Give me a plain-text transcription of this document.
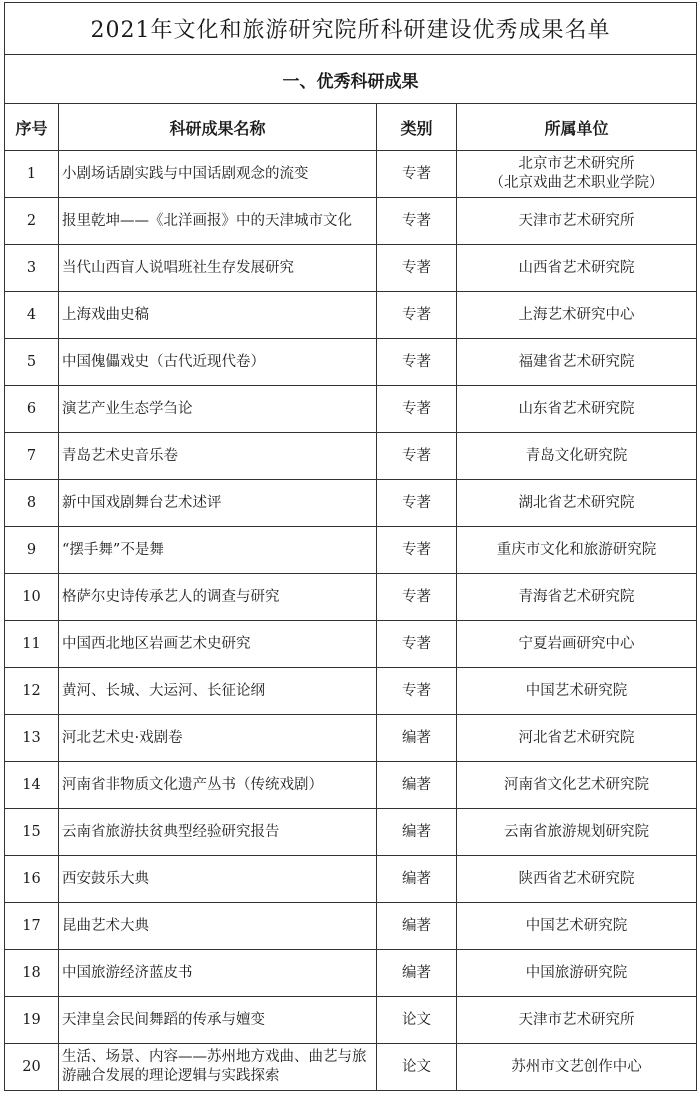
2021年文化和旅游研究院所科研建设优秀成果名单			
一、优秀科研成果			
序号	科研成果名称	类别	所属单位
1	小剧场话剧实践与中国话剧观念的流变	专著	北京市艺术研究所
（北京戏曲艺术职业学院）
2	报里乾坤——《北洋画报》中的天津城市文化	专著	天津市艺术研究所
3	当代山西盲人说唱班社生存发展研究	专著	山西省艺术研究院
4	上海戏曲史稿	专著	上海艺术研究中心
5	中国傀儡戏史（古代近现代卷）	专著	福建省艺术研究院
6	演艺产业生态学刍论	专著	山东省艺术研究院
7	青岛艺术史音乐卷	专著	青岛文化研究院
8	新中国戏剧舞台艺术述评	专著	湖北省艺术研究院
9	“摆手舞”不是舞	专著	重庆市文化和旅游研究院
10	格萨尔史诗传承艺人的调查与研究	专著	青海省艺术研究院
11	中国西北地区岩画艺术史研究	专著	宁夏岩画研究中心
12	黄河、长城、大运河、长征论纲	专著	中国艺术研究院
13	河北艺术史·戏剧卷	编著	河北省艺术研究院
14	河南省非物质文化遗产丛书（传统戏剧）	编著	河南省文化艺术研究院
15	云南省旅游扶贫典型经验研究报告	编著	云南省旅游规划研究院
16	西安鼓乐大典	编著	陕西省艺术研究院
17	昆曲艺术大典	编著	中国艺术研究院
18	中国旅游经济蓝皮书	编著	中国旅游研究院
19	天津皇会民间舞蹈的传承与嬗变	论文	天津市艺术研究所
20	生活、场景、内容——苏州地方戏曲、曲艺与旅游融合发展的理论逻辑与实践探索	论文	苏州市文艺创作中心
